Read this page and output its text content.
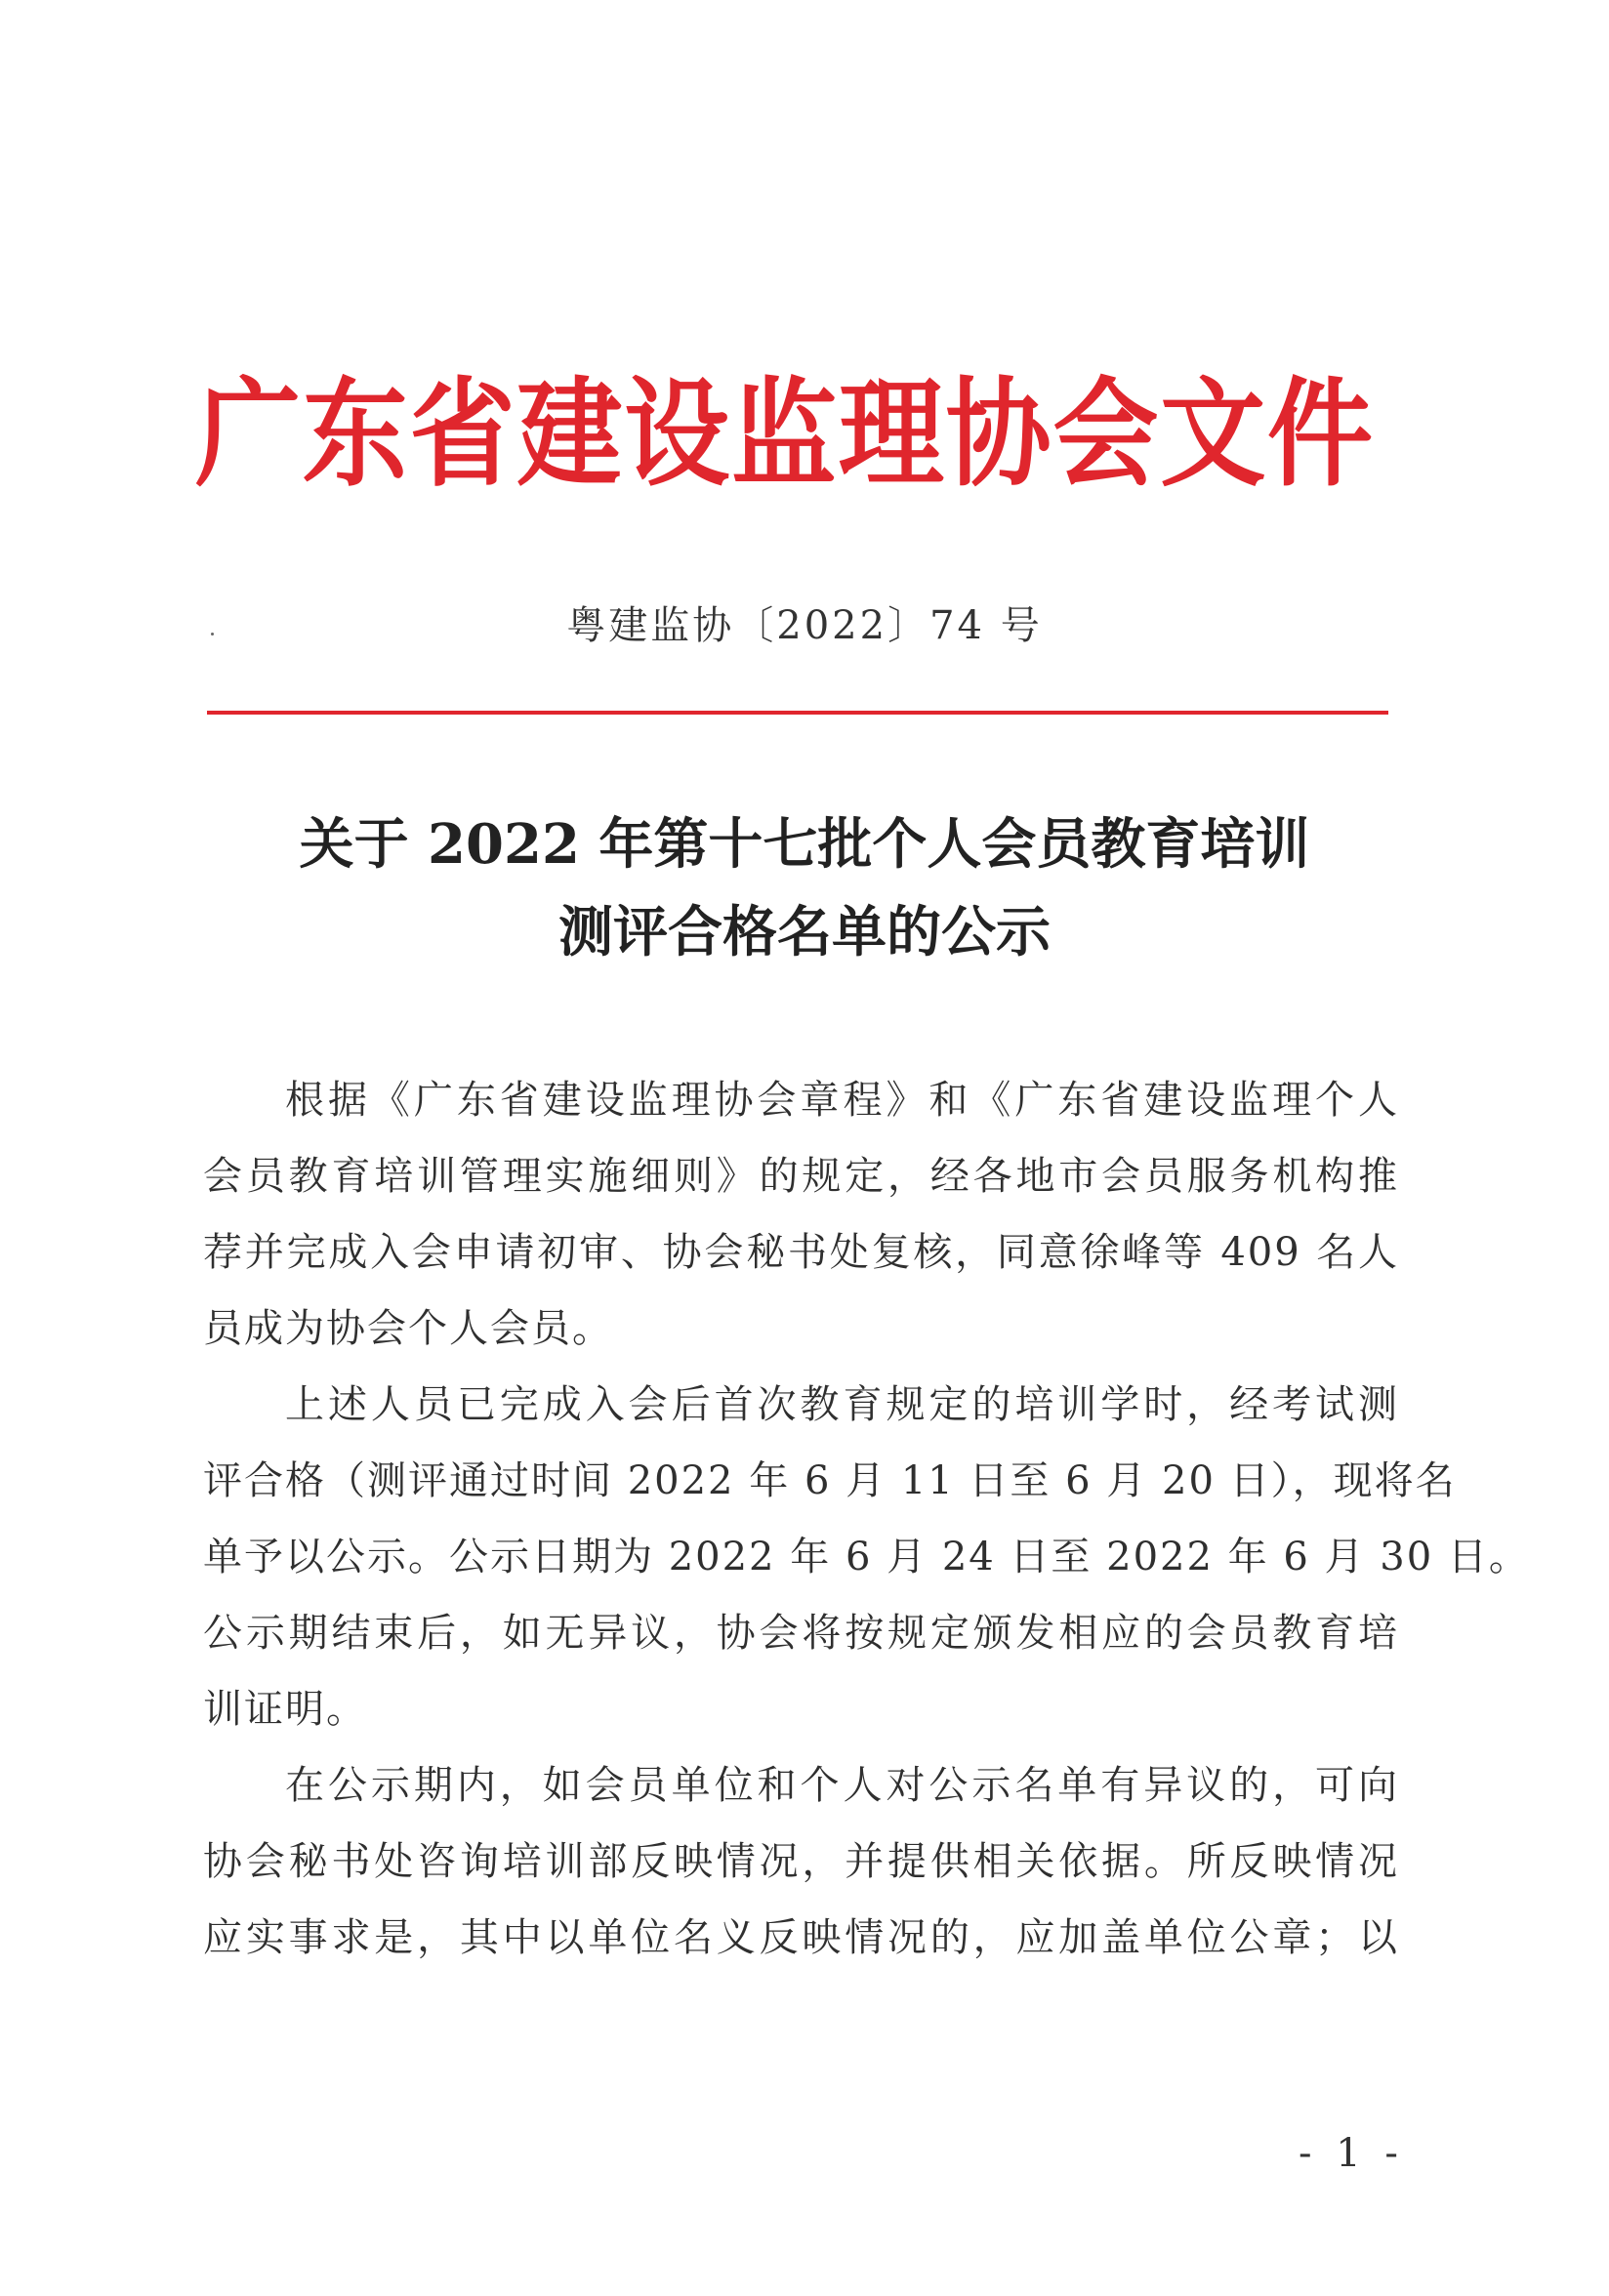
广东省建设监理协会文件
粤建监协〔2022〕74 号
关于 2022 年第十七批个人会员教育培训
测评合格名单的公示
根据《广东省建设监理协会章程》和《广东省建设监理个人
会员教育培训管理实施细则》的规定，经各地市会员服务机构推
荐并完成入会申请初审、协会秘书处复核，同意徐峰等 409 名人
员成为协会个人会员。
上述人员已完成入会后首次教育规定的培训学时，经考试测
评合格（测评通过时间 2022 年 6 月 11 日至 6 月 20 日），现将名
单予以公示。公示日期为 2022 年 6 月 24 日至 2022 年 6 月 30 日。
公示期结束后，如无异议，协会将按规定颁发相应的会员教育培
训证明。
在公示期内，如会员单位和个人对公示名单有异议的，可向
协会秘书处咨询培训部反映情况，并提供相关依据。所反映情况
应实事求是，其中以单位名义反映情况的，应加盖单位公章；以
- 1 -
